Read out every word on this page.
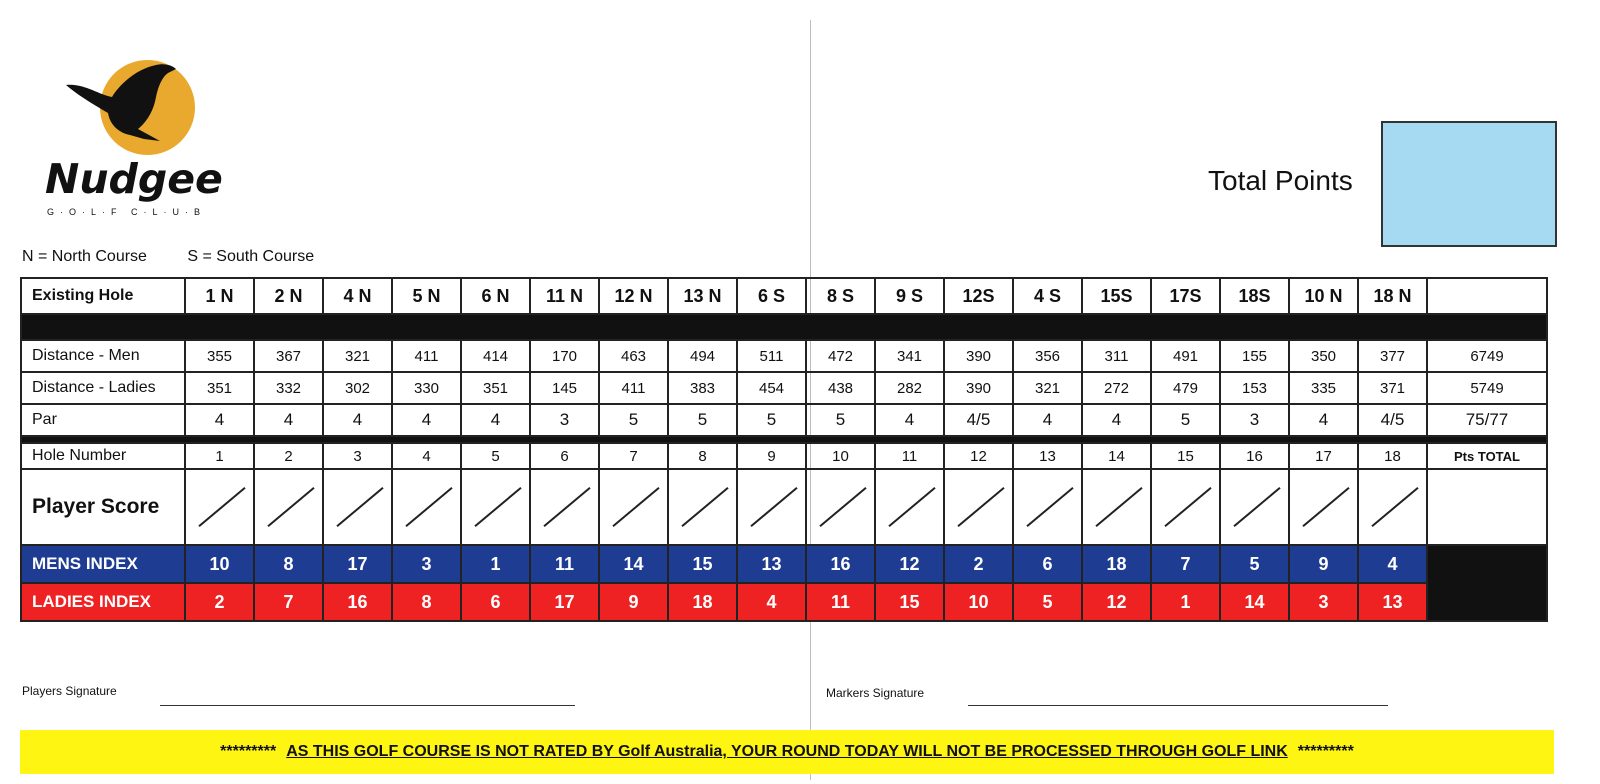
Nudgee
G·O·L·F C·L·U·B
N = North Course	S = South Course
Total Points
Existing Hole	1 N	2 N	4 N	5 N	6 N	11 N	12 N	13 N	6 S	8 S	9 S	12S	4 S	15S	17S	18S	10 N	18 N	

Distance - Men	355	367	321	411	414	170	463	494	511	472	341	390	356	311	491	155	350	377	6749
Distance - Ladies	351	332	302	330	351	145	411	383	454	438	282	390	321	272	479	153	335	371	5749
Par	4	4	4	4	4	3	5	5	5	5	4	4/5	4	4	5	3	4	4/5	75/77

Hole Number	1	2	3	4	5	6	7	8	9	10	11	12	13	14	15	16	17	18	Pts TOTAL
Player Score	

MENS INDEX	10	8	17	3	1	11	14	15	13	16	12	2	6	18	7	5	9	4	
LADIES INDEX	2	7	16	8	6	17	9	18	4	11	15	10	5	12	1	14	3	13	
Players Signature	Markers Signature
********* AS THIS GOLF COURSE IS NOT RATED BY Golf Australia, YOUR ROUND TODAY WILL NOT BE PROCESSED THROUGH GOLF LINK *********
